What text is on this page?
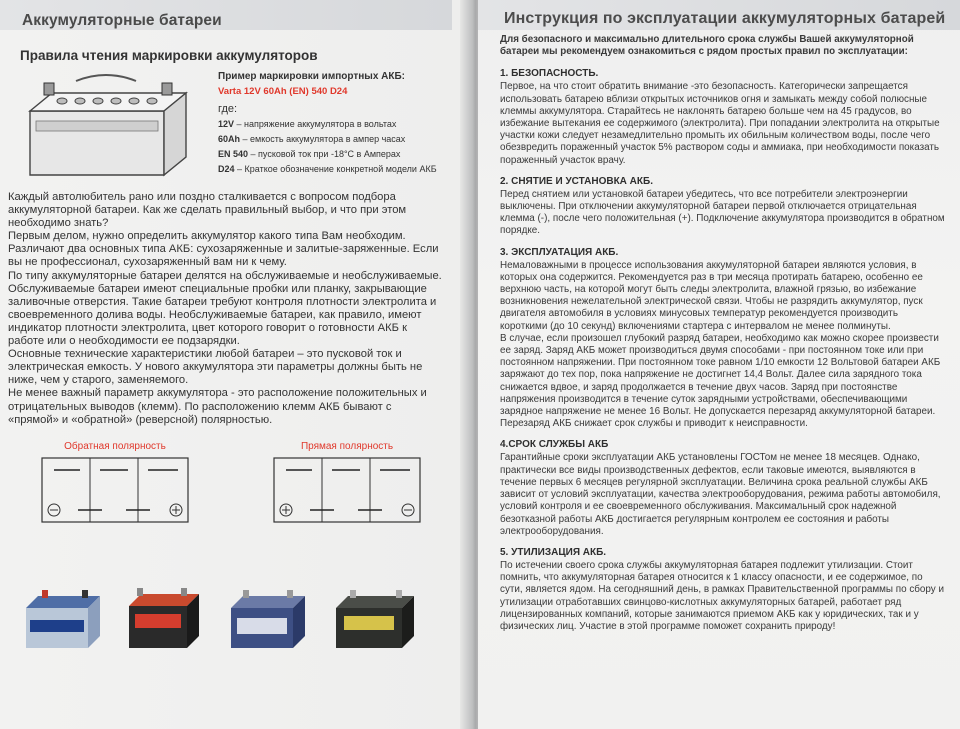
Аккумуляторные батареи
Правила чтения маркировки аккумуляторов
Пример маркировки импортных АКБ:
Varta 12V 60Ah (EN) 540 D24
где:
12V – напряжение аккумулятора в вольтах
60Ah – емкость аккумулятора в ампер часах
EN 540 – пусковой ток при -18°С в Амперах
D24 – Краткое обозначение конкретной модели АКБ

Каждый автолюбитель рано или поздно сталкивается с вопросом подбора аккумуляторной батареи. Как же сделать правильный выбор, и что при этом необходимо знать?

Первым делом, нужно определить аккумулятор какого типа Вам необходим. Различают два основных типа АКБ: сухозаряженные и залитые-заряженные. Если вы не профессионал, сухозаряженный вам ни к чему.

По типу аккумуляторные батареи делятся на обслуживаемые и необслуживаемые. Обслуживаемые батареи имеют специальные пробки или планку, закрывающие заливочные отверстия. Такие батареи требуют контроля плотности электролита и своевременного долива воды. Необслуживаемые батареи, как правило, имеют индикатор плотности электролита, цвет которого говорит о готовности АКБ к работе или о необходимости ее подзарядки.

Основные технические характеристики любой батареи – это пусковой ток и электрическая емкость. У нового аккумулятора эти параметры должны быть не ниже, чем у старого, заменяемого.

Не менее важный параметр аккумулятора - это расположение положительных и отрицательных выводов (клемм). По расположению клемм АКБ бывают с «прямой» и «обратной» (реверсной) полярностью.

Обратная полярность	Прямая полярность
Инструкция по эксплуатации аккумуляторных батарей
Для безопасного и максимально длительного срока службы Вашей аккумуляторной батареи мы рекомендуем ознакомиться с рядом простых правил по эксплуатации:
1. БЕЗОПАСНОСТЬ.

Первое, на что стоит обратить внимание -это безопасность. Категорически запрещается использовать батарею вблизи открытых источников огня и замыкать между собой полюсные клеммы аккумулятора. Старайтесь не наклонять батарею больше чем на 45 градусов, во избежание вытекания ее содержимого (электролита). При попадании электролита на открытые участки кожи следует незамедлительно промыть их обильным количеством воды, после чего обезвредить пораженный участок 5% раствором соды и аммиака, при необходимости показать пораженный участок врачу.

2. СНЯТИЕ И УСТАНОВКА АКБ.

Перед снятием или установкой батареи убедитесь, что все потребители электроэнергии выключены. При отключении аккумуляторной батареи первой отключается отрицательная клемма (-), после чего положительная (+). Подключение аккумулятора производится в обратном порядке.

3. ЭКСПЛУАТАЦИЯ АКБ.

Немаловажными в процессе использования аккумуляторной батареи являются условия, в которых она содержится. Рекомендуется раз в три месяца протирать батарею, особенно ее верхнюю часть, на которой могут быть следы электролита, влажной грязью, во избежание возникновения нежелательной электрической связи. Чтобы не разрядить аккумулятор, пуск двигателя автомобиля в условиях минусовых температур рекомендуется производить короткими (до 10 секунд) включениями стартера с интервалом не менее полминуты.

В случае, если произошел глубокий разряд батареи, необходимо как можно скорее произвести ее заряд. Заряд АКБ может производиться двумя способами - при постоянном токе или при постоянном напряжении. При постоянном токе равном 1/10 емкости 12 Вольтовой батареи АКБ заряжают до тех пор, пока напряжение не достигнет 14,4 Вольт. Далее сила зарядного тока снижается вдвое, и заряд продолжается в течение двух часов. Заряд при постоянстве напряжения производится в течение суток зарядными устройствами, обеспечивающими зарядное напряжение не менее 16 Вольт. Не допускается перезаряд аккумуляторной батареи. Перезаряд АКБ снижает срок службы и приводит к неисправности.

4.СРОК СЛУЖБЫ АКБ

Гарантийные сроки эксплуатации АКБ установлены ГОСТом не менее 18 месяцев. Однако, практически все виды производственных дефектов, если таковые имеются, выявляются в течение первых 6 месяцев регулярной эксплуатации. Величина срока реальной службы АКБ зависит от условий эксплуатации, качества электрооборудования, режима работы автомобиля, условий контроля и ее своевременного обслуживания. Максимальный срок надежной безотказной работы АКБ достигается регулярным контролем ее состояния и работы электрооборудования.

5. УТИЛИЗАЦИЯ АКБ.

По истечении своего срока службы аккумуляторная батарея подлежит утилизации. Стоит помнить, что аккумуляторная батарея относится к 1 классу опасности, и ее содержимое, по сути, является ядом. На сегодняшний день, в рамках Правительственной программы по сбору и утилизации отработавших свинцово-кислотных аккумуляторных батарей, работает ряд лицензированных компаний, которые занимаются приемом АКБ как у юридических, так и у физических лиц. Участие в этой программе поможет сохранить природу!
